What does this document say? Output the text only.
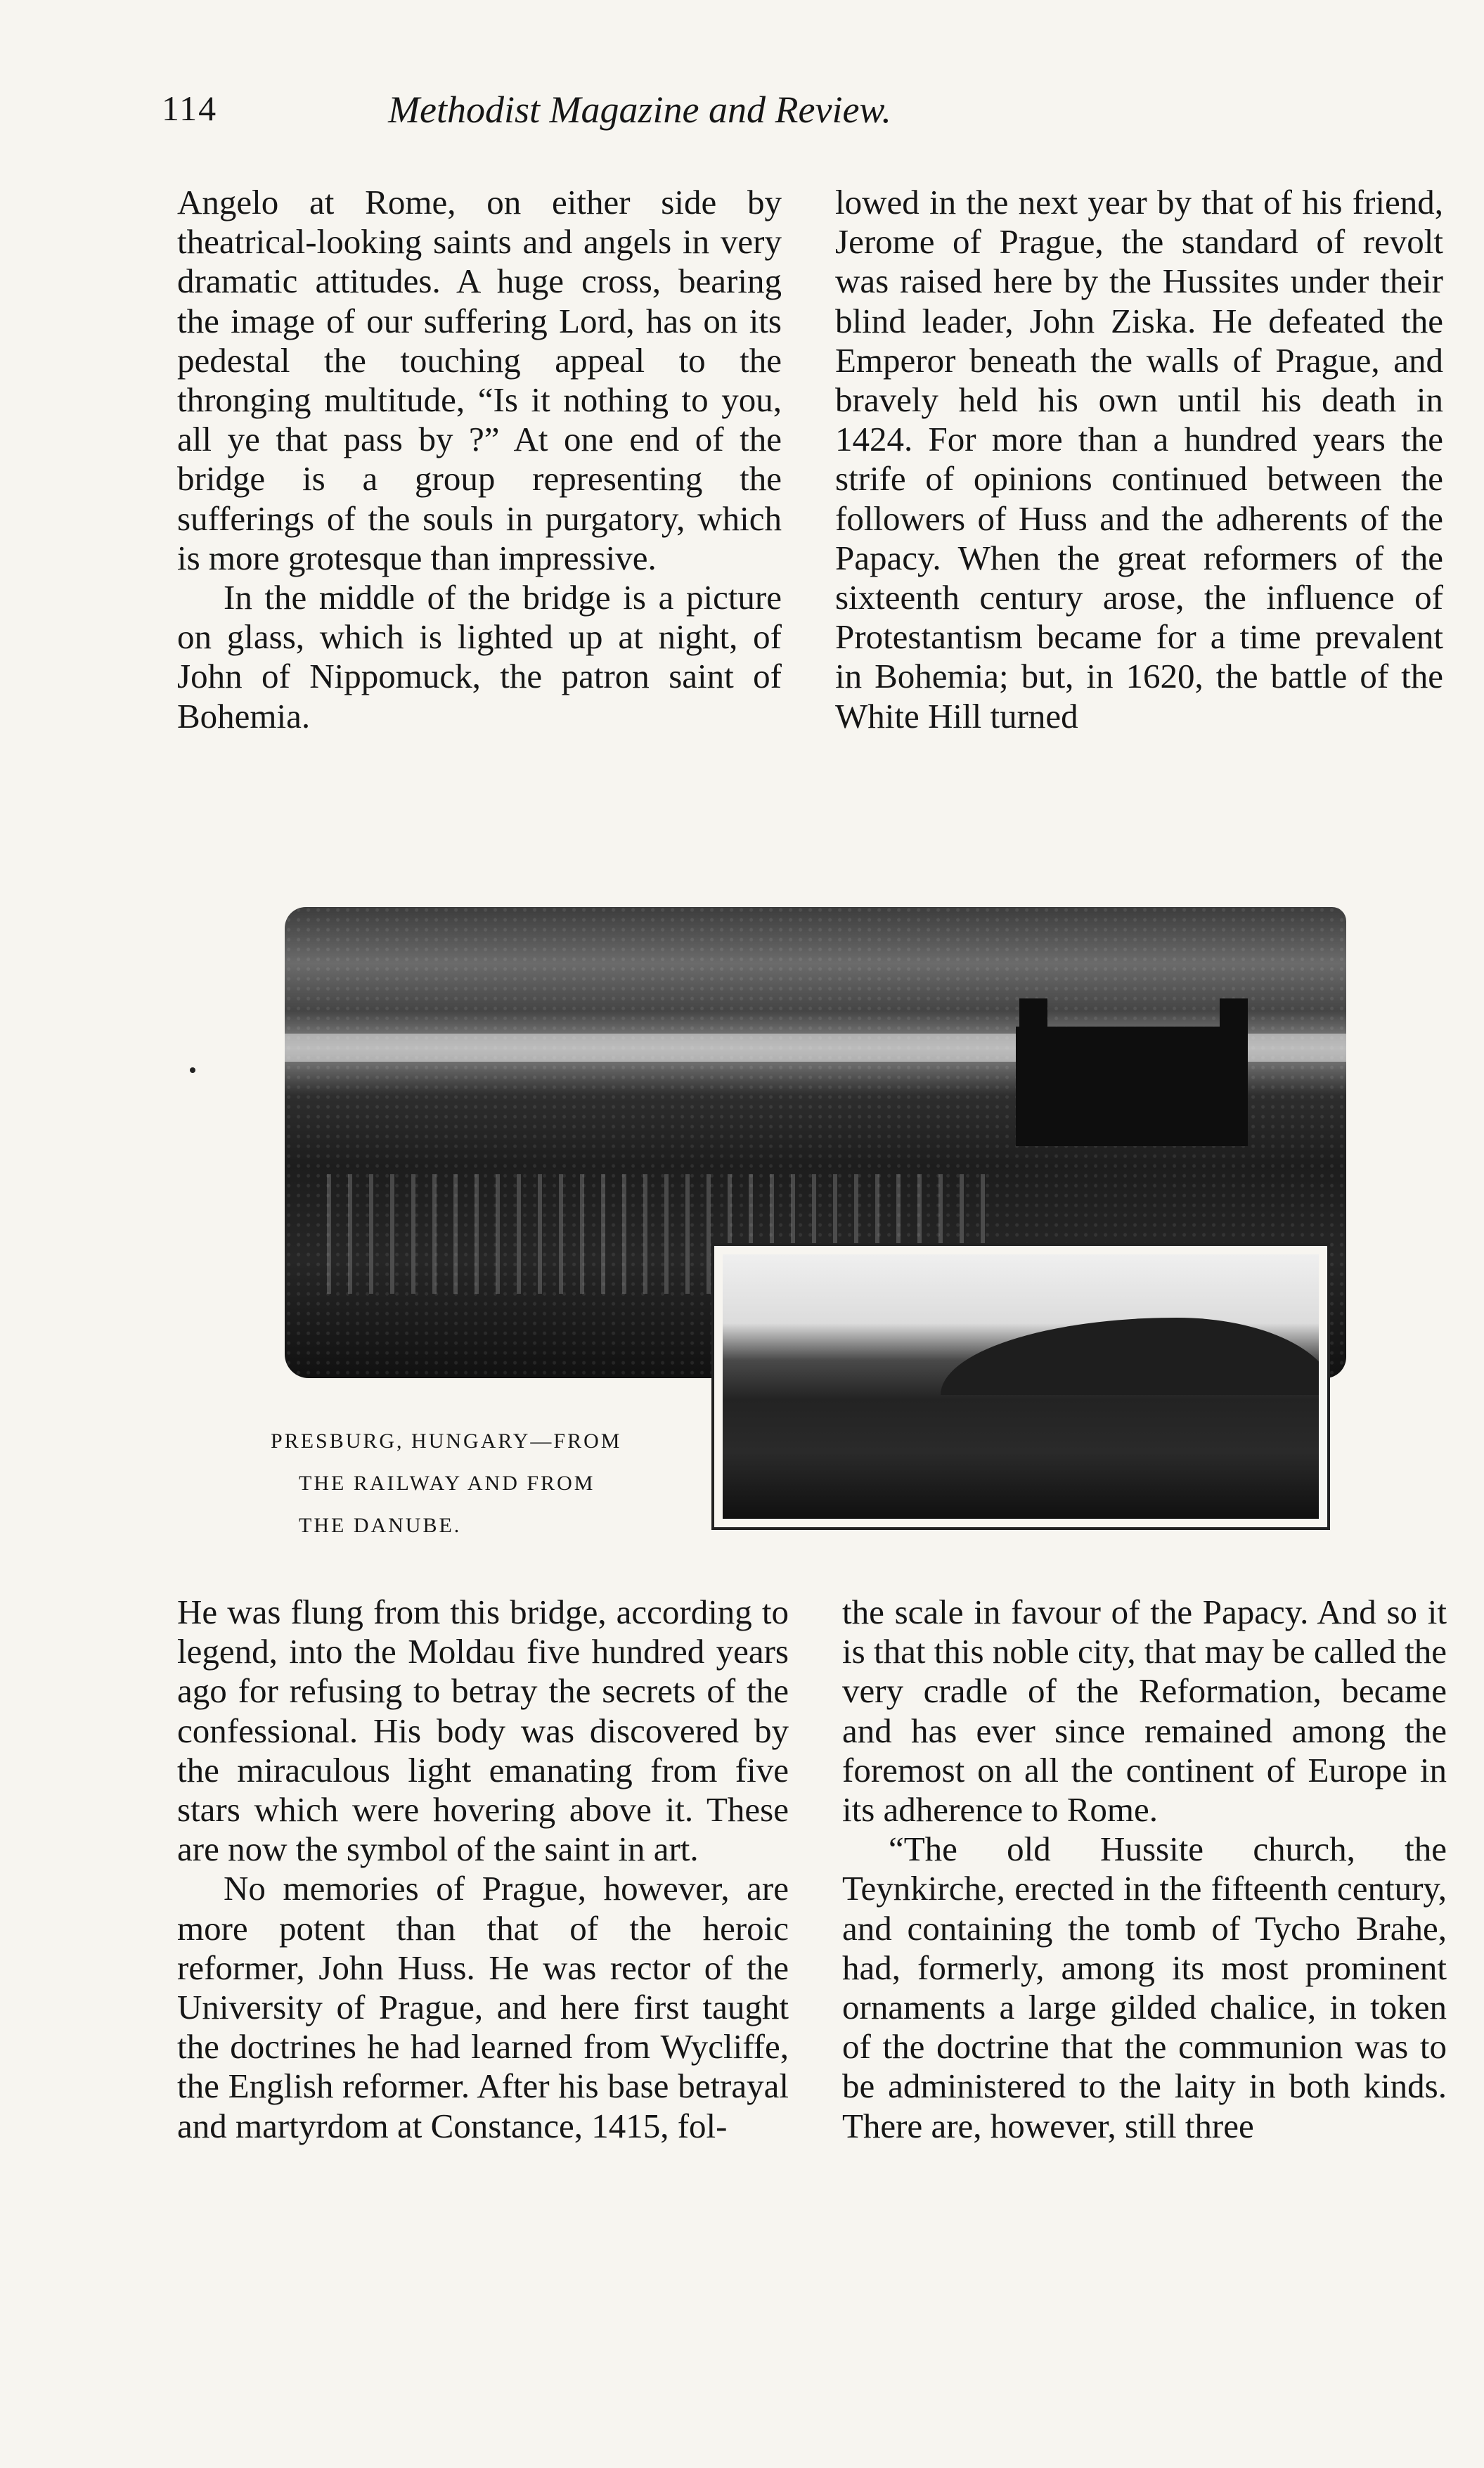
114	Methodist Magazine and Review.

Angelo at Rome, on either side by theatrical-looking saints and angels in very dramatic attitudes. A huge cross, bearing the image of our suffering Lord, has on its pedestal the touching appeal to the thronging multitude, “Is it nothing to you, all ye that pass by ?” At one end of the bridge is a group representing the sufferings of the souls in purgatory, which is more grotesque than impressive.

In the middle of the bridge is a picture on glass, which is lighted up at night, of John of Nippomuck, the patron saint of Bohemia.

lowed in the next year by that of his friend, Jerome of Prague, the standard of revolt was raised here by the Hussites under their blind leader, John Ziska. He defeated the Emperor beneath the walls of Prague, and bravely held his own until his death in 1424. For more than a hundred years the strife of opinions continued between the followers of Huss and the adherents of the Papacy. When the great reformers of the sixteenth century arose, the influence of Protestantism became for a time prevalent in Bohemia; but, in 1620, the battle of the White Hill turned

PRESBURG, HUNGARY—FROM
THE RAILWAY AND FROM
THE DANUBE.

He was flung from this bridge, according to legend, into the Moldau five hundred years ago for refusing to betray the secrets of the confessional. His body was discovered by the miraculous light emanating from five stars which were hovering above it. These are now the symbol of the saint in art.

No memories of Prague, however, are more potent than that of the heroic reformer, John Huss. He was rector of the University of Prague, and here first taught the doctrines he had learned from Wycliffe, the English reformer. After his base betrayal and martyrdom at Constance, 1415, fol-

the scale in favour of the Papacy. And so it is that this noble city, that may be called the very cradle of the Reformation, became and has ever since remained among the foremost on all the continent of Europe in its adherence to Rome.

“The old Hussite church, the Teynkirche, erected in the fifteenth century, and containing the tomb of Tycho Brahe, had, formerly, among its most prominent ornaments a large gilded chalice, in token of the doctrine that the communion was to be administered to the laity in both kinds. There are, however, still three
